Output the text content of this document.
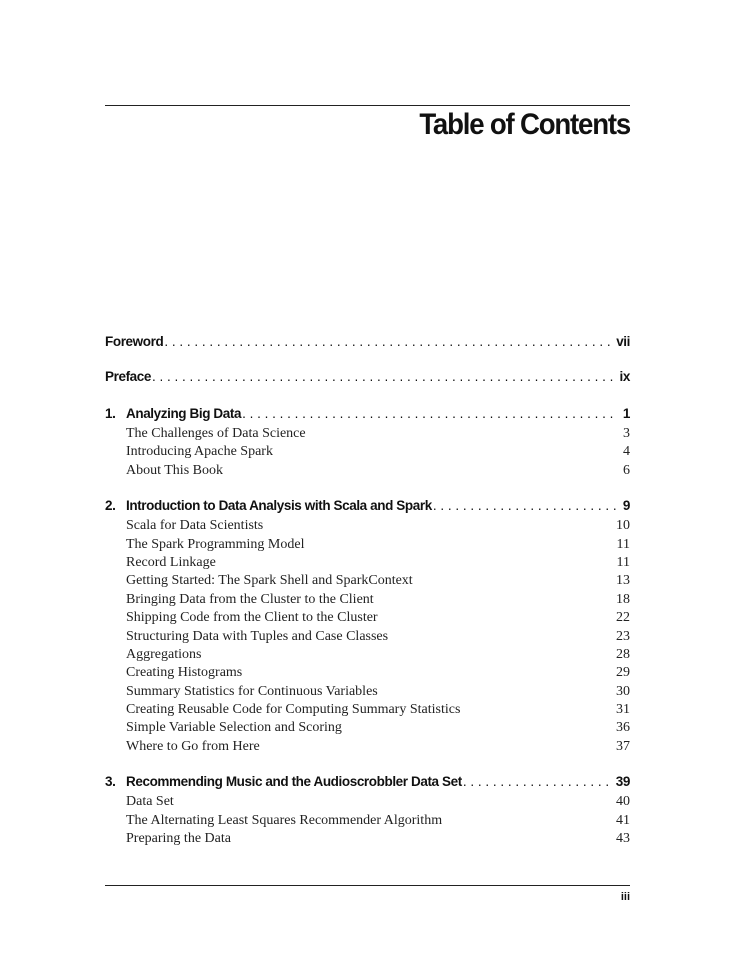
Table of Contents
Foreword . . .	vii
Preface . . .	ix
1. Analyzing Big Data . . .	1
The Challenges of Data Science	3
Introducing Apache Spark	4
About This Book	6
2. Introduction to Data Analysis with Scala and Spark . . .	9
Scala for Data Scientists	10
The Spark Programming Model	11
Record Linkage	11
Getting Started: The Spark Shell and SparkContext	13
Bringing Data from the Cluster to the Client	18
Shipping Code from the Client to the Cluster	22
Structuring Data with Tuples and Case Classes	23
Aggregations	28
Creating Histograms	29
Summary Statistics for Continuous Variables	30
Creating Reusable Code for Computing Summary Statistics	31
Simple Variable Selection and Scoring	36
Where to Go from Here	37
3. Recommending Music and the Audioscrobbler Data Set . . .	39
Data Set	40
The Alternating Least Squares Recommender Algorithm	41
Preparing the Data	43
iii
